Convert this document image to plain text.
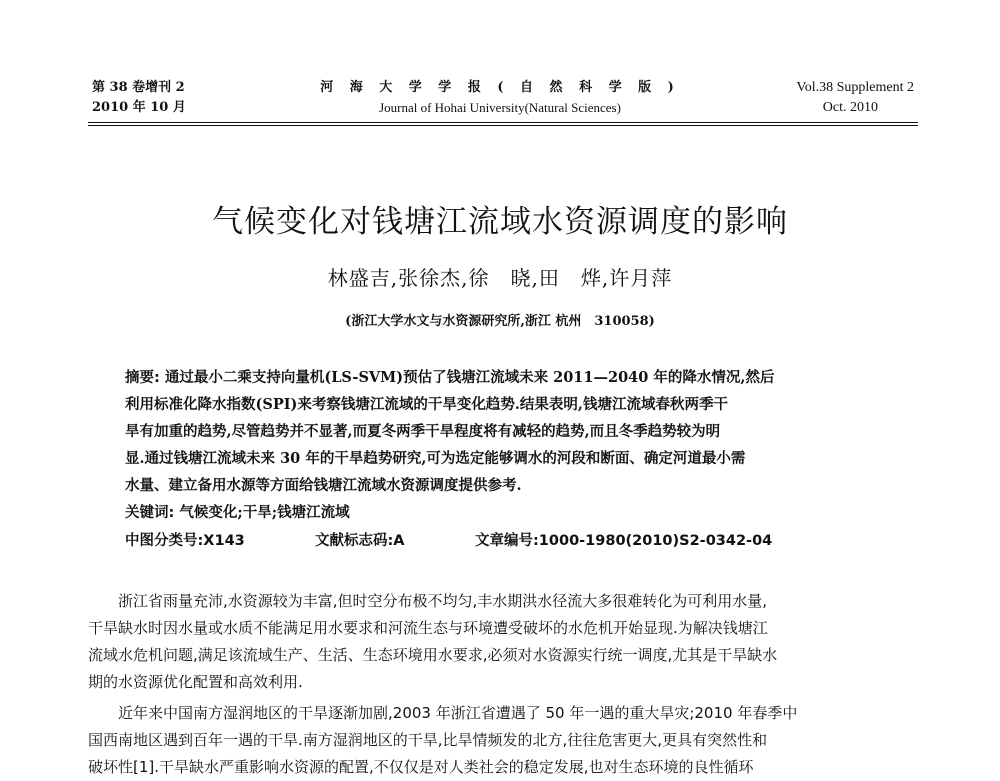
第 38 卷增刊 2
2010 年 10 月
河 海 大 学 学 报 ( 自 然 科 学 版 )
Journal of Hohai University(Natural Sciences)
Vol.38 Supplement 2
Oct. 2010
气候变化对钱塘江流域水资源调度的影响
林盛吉,张徐杰,徐　晓,田　烨,许月萍
(浙江大学水文与水资源研究所,浙江 杭州　310058)
摘要: 通过最小二乘支持向量机(LS-SVM)预估了钱塘江流域未来 2011—2040 年的降水情况,然后
利用标准化降水指数(SPI)来考察钱塘江流域的干旱变化趋势.结果表明,钱塘江流域春秋两季干
旱有加重的趋势,尽管趋势并不显著,而夏冬两季干旱程度将有减轻的趋势,而且冬季趋势较为明
显.通过钱塘江流域未来 30 年的干旱趋势研究,可为选定能够调水的河段和断面、确定河道最小需
水量、建立备用水源等方面给钱塘江流域水资源调度提供参考.
关键词: 气候变化;干旱;钱塘江流域
中图分类号:X143	文献标志码:A	文章编号:1000-1980(2010)S2-0342-04
　　浙江省雨量充沛,水资源较为丰富,但时空分布极不均匀,丰水期洪水径流大多很难转化为可利用水量,
干旱缺水时因水量或水质不能满足用水要求和河流生态与环境遭受破坏的水危机开始显现.为解决钱塘江
流域水危机问题,满足该流域生产、生活、生态环境用水要求,必须对水资源实行统一调度,尤其是干旱缺水
期的水资源优化配置和高效利用.
　　近年来中国南方湿润地区的干旱逐渐加剧,2003 年浙江省遭遇了 50 年一遇的重大旱灾;2010 年春季中
国西南地区遇到百年一遇的干旱.南方湿润地区的干旱,比旱情频发的北方,往往危害更大,更具有突然性和
破坏性[1].干旱缺水严重影响水资源的配置,不仅仅是对人类社会的稳定发展,也对生态环境的良性循环
